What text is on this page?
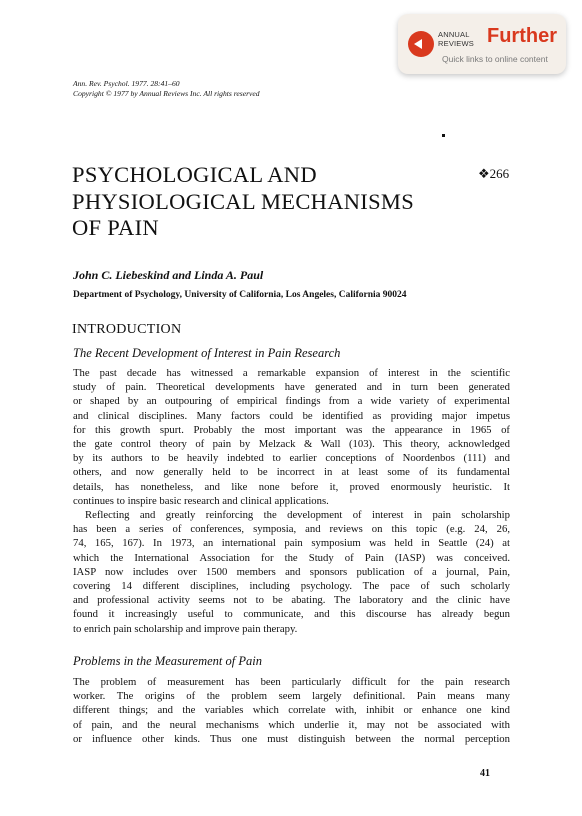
ANNUAL
REVIEWS Further
Quick links to online content
Ann. Rev. Psychol. 1977. 28:41–60
Copyright © 1977 by Annual Reviews Inc. All rights reserved
PSYCHOLOGICAL AND
PHYSIOLOGICAL MECHANISMS
OF PAIN
❖266
John C. Liebeskind and Linda A. Paul
Department of Psychology, University of California, Los Angeles, California 90024
INTRODUCTION
The Recent Development of Interest in Pain Research
The past decade has witnessed a remarkable expansion of interest in the scientific
study of pain. Theoretical developments have generated and in turn been generated
or shaped by an outpouring of empirical findings from a wide variety of experimental
and clinical disciplines. Many factors could be identified as providing major impetus
for this growth spurt. Probably the most important was the appearance in 1965 of
the gate control theory of pain by Melzack & Wall (103). This theory, acknowledged
by its authors to be heavily indebted to earlier conceptions of Noordenbos (111) and
others, and now generally held to be incorrect in at least some of its fundamental
details, has nonetheless, and like none before it, proved enormously heuristic. It
continues to inspire basic research and clinical applications.
Reflecting and greatly reinforcing the development of interest in pain scholarship
has been a series of conferences, symposia, and reviews on this topic (e.g. 24, 26,
74, 165, 167). In 1973, an international pain symposium was held in Seattle (24) at
which the International Association for the Study of Pain (IASP) was conceived.
IASP now includes over 1500 members and sponsors publication of a journal, Pain,
covering 14 different disciplines, including psychology. The pace of such scholarly
and professional activity seems not to be abating. The laboratory and the clinic have
found it increasingly useful to communicate, and this discourse has already begun
to enrich pain scholarship and improve pain therapy.
Problems in the Measurement of Pain
The problem of measurement has been particularly difficult for the pain research
worker. The origins of the problem seem largely definitional. Pain means many
different things; and the variables which correlate with, inhibit or enhance one kind
of pain, and the neural mechanisms which underlie it, may not be associated with
or influence other kinds. Thus one must distinguish between the normal perception
41
